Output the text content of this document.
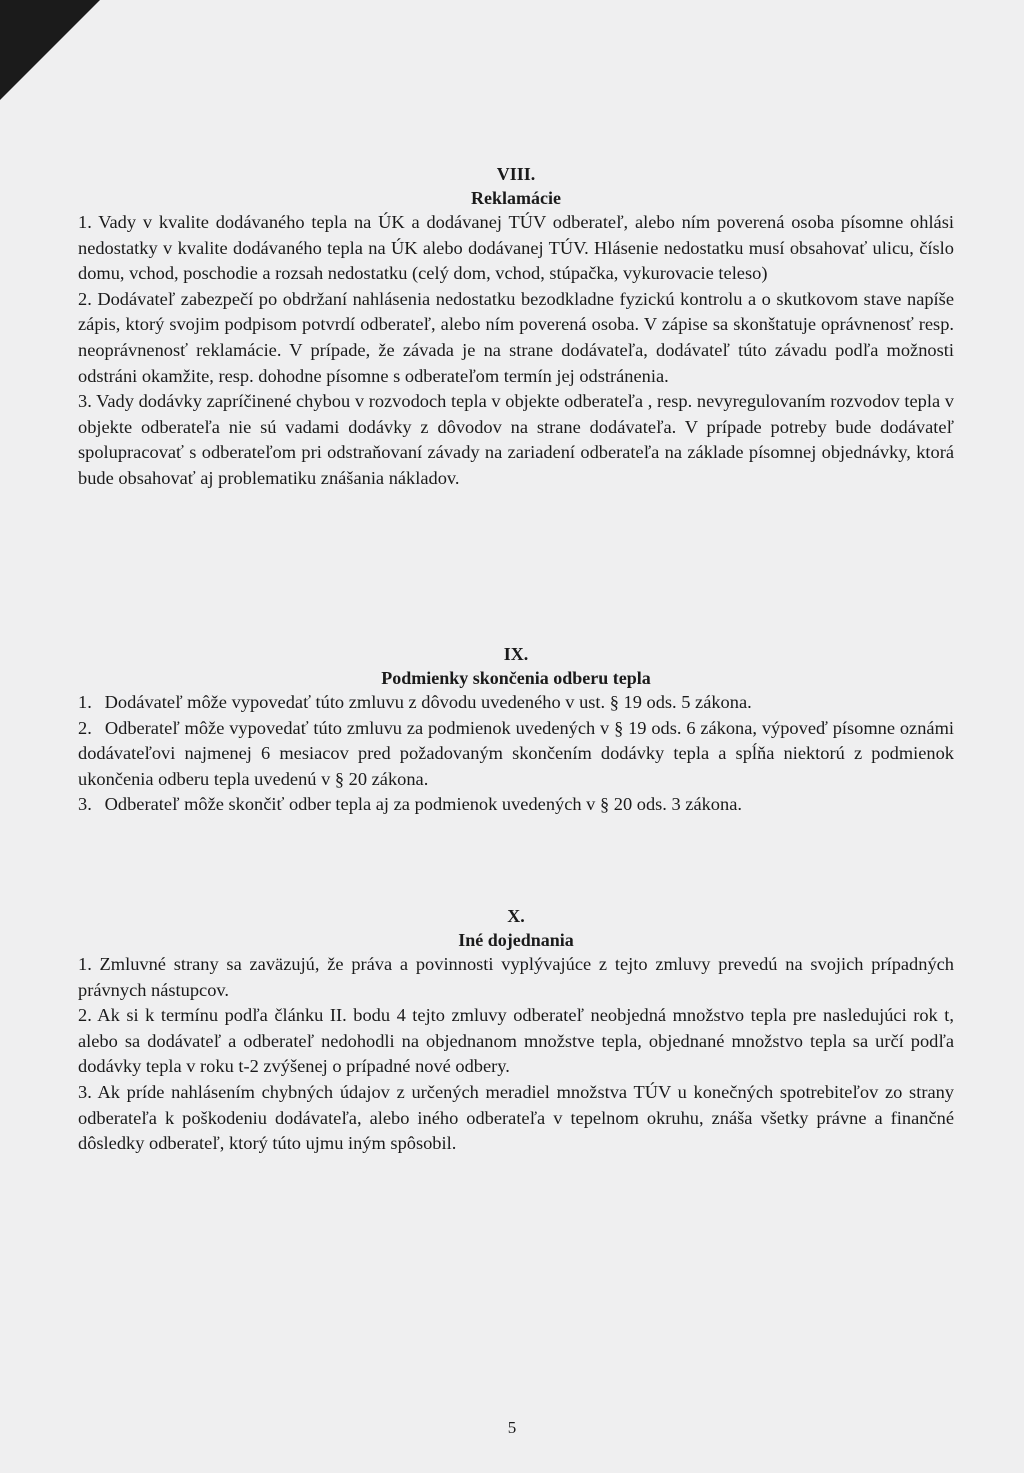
VIII.
Reklamácie

1. Vady v kvalite dodávaného tepla na ÚK a dodávanej TÚV odberateľ, alebo ním poverená osoba písomne ohlási nedostatky v kvalite dodávaného tepla na ÚK alebo dodávanej TÚV. Hlásenie nedostatku musí obsahovať ulicu, číslo domu, vchod, poschodie a rozsah nedostatku (celý dom, vchod, stúpačka, vykurovacie teleso)

2. Dodávateľ zabezpečí po obdržaní nahlásenia nedostatku bezodkladne fyzickú kontrolu a o skutkovom stave napíše zápis, ktorý svojim podpisom potvrdí odberateľ, alebo ním poverená osoba. V zápise sa skonštatuje oprávnenosť resp. neoprávnenosť reklamácie. V prípade, že závada je na strane dodávateľa, dodávateľ túto závadu podľa možnosti odstráni okamžite, resp. dohodne písomne s odberateľom termín jej odstránenia.

3. Vady dodávky zapríčinené chybou v rozvodoch tepla v objekte odberateľa , resp. nevyregulovaním rozvodov tepla v objekte odberateľa nie sú vadami dodávky z dôvodov na strane dodávateľa. V prípade potreby bude dodávateľ spolupracovať s odberateľom pri odstraňovaní závady na zariadení odberateľa na základe písomnej objednávky, ktorá bude obsahovať aj problematiku znášania nákladov.

IX.
Podmienky skončenia odberu tepla

1. Dodávateľ môže vypovedať túto zmluvu z dôvodu uvedeného v ust. § 19 ods. 5 zákona.

2. Odberateľ môže vypovedať túto zmluvu za podmienok uvedených v § 19 ods. 6 zákona, výpoveď písomne oznámi dodávateľovi najmenej 6 mesiacov pred požadovaným skončením dodávky tepla a spĺňa niektorú z podmienok ukončenia odberu tepla uvedenú v § 20 zákona.

3. Odberateľ môže skončiť odber tepla aj za podmienok uvedených v § 20 ods. 3 zákona.

X.
Iné dojednania

1. Zmluvné strany sa zaväzujú, že práva a povinnosti vyplývajúce z tejto zmluvy prevedú na svojich prípadných právnych nástupcov.

2. Ak si k termínu podľa článku II. bodu 4 tejto zmluvy odberateľ neobjedná množstvo tepla pre nasledujúci rok t, alebo sa dodávateľ a odberateľ nedohodli na objednanom množstve tepla, objednané množstvo tepla sa určí podľa dodávky tepla v roku t-2 zvýšenej o prípadné nové odbery.

3. Ak príde nahlásením chybných údajov z určených meradiel množstva TÚV u konečných spotrebiteľov zo strany odberateľa k poškodeniu dodávateľa, alebo iného odberateľa v tepelnom okruhu, znáša všetky právne a finančné dôsledky odberateľ, ktorý túto ujmu iným spôsobil.

5
